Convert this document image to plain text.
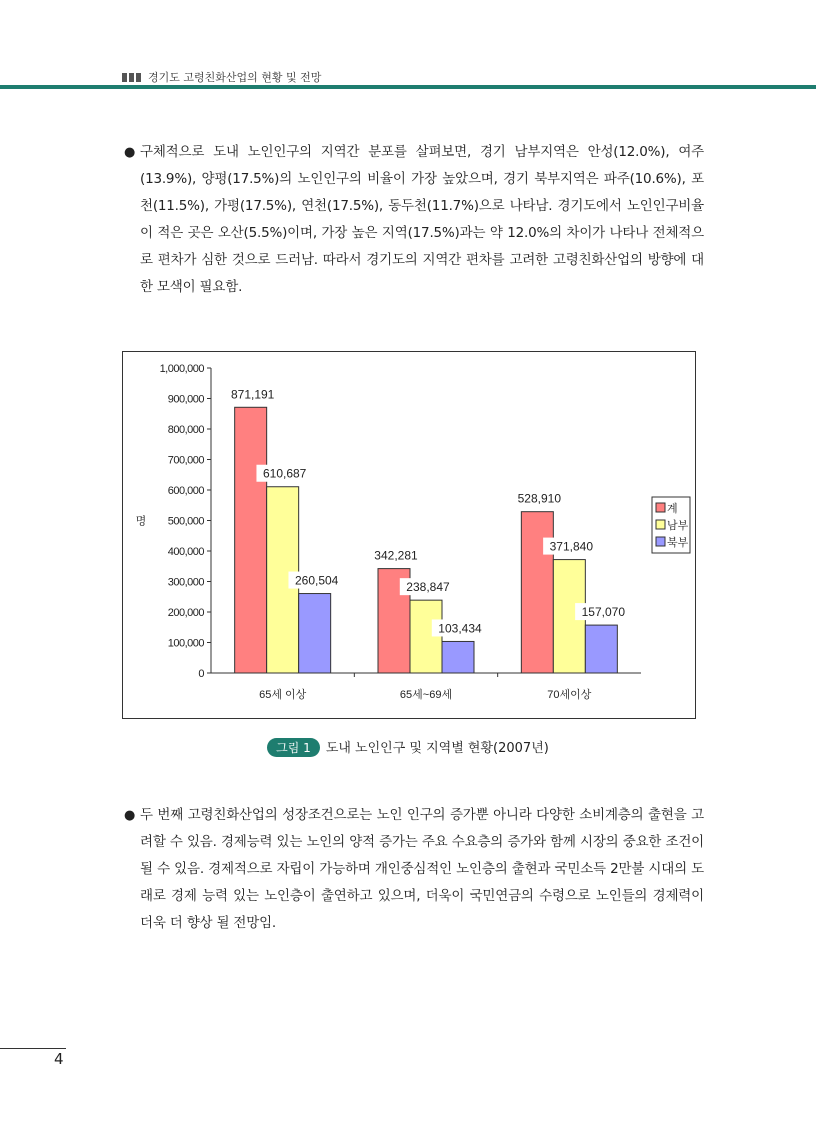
경기도 고령친화산업의 현황 및 전망
● 구체적으로 도내 노인인구의 지역간 분포를 살펴보면, 경기 남부지역은 안성(12.0%), 여주(13.9%), 양평(17.5%)의 노인인구의 비율이 가장 높았으며, 경기 북부지역은 파주(10.6%), 포천(11.5%), 가평(17.5%), 연천(17.5%), 동두천(11.7%)으로 나타남. 경기도에서 노인인구비율이 적은 곳은 오산(5.5%)이며, 가장 높은 지역(17.5%)과는 약 12.0%의 차이가 나타나 전체적으로 편차가 심한 것으로 드러남. 따라서 경기도의 지역간 편차를 고려한 고령친화산업의 방향에 대한 모색이 필요함.
0
100,000
200,000
300,000
400,000
500,000
600,000
700,000
800,000
900,000
1,000,000
명
871,191
610,687
260,504
65세 이상
342,281
238,847
103,434
65세~69세
528,910
371,840
157,070
70세이상
계
남부
북부
그림 1 도내 노인인구 및 지역별 현황(2007년)
● 두 번째 고령친화산업의 성장조건으로는 노인 인구의 증가뿐 아니라 다양한 소비계층의 출현을 고려할 수 있음. 경제능력 있는 노인의 양적 증가는 주요 수요층의 증가와 함께 시장의 중요한 조건이 될 수 있음. 경제적으로 자립이 가능하며 개인중심적인 노인층의 출현과 국민소득 2만불 시대의 도래로 경제 능력 있는 노인층이 출연하고 있으며, 더욱이 국민연금의 수령으로 노인들의 경제력이 더욱 더 향상 될 전망임.
4
